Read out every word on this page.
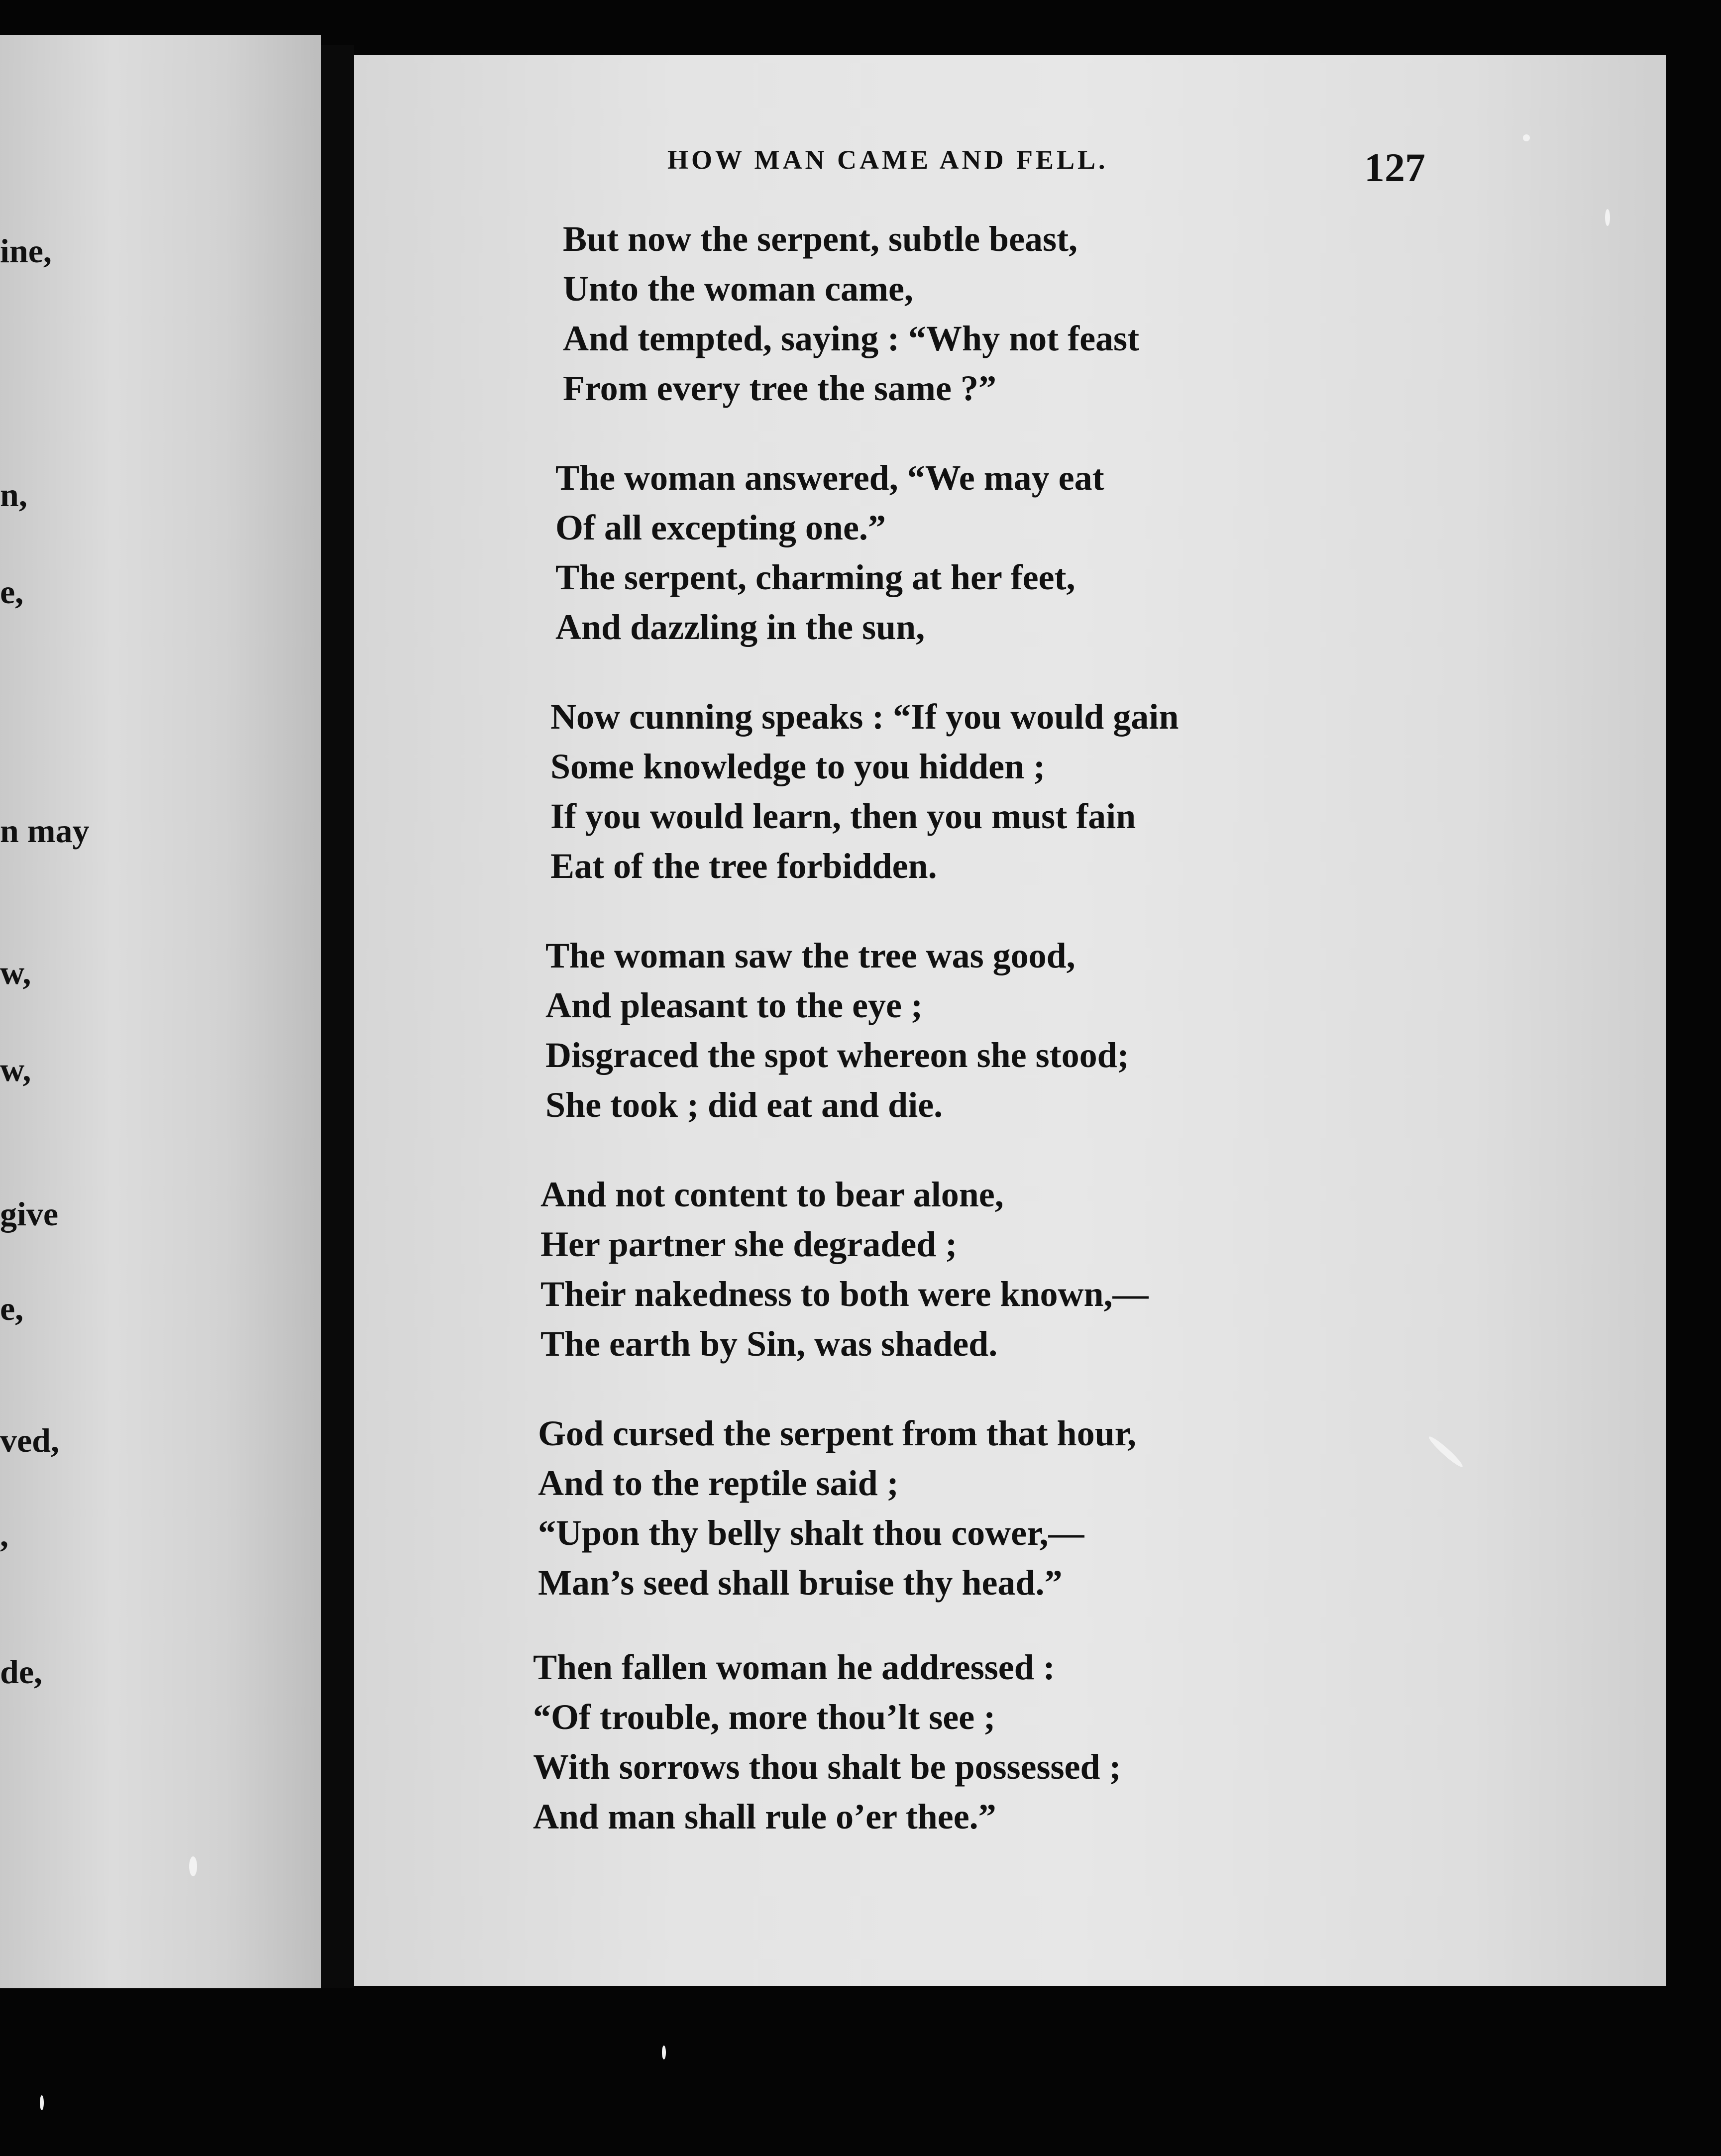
ine,
n,
e,
n may
w,
w,
give
e,
ved,
,
de,
HOW MAN CAME AND FELL.	127
But now the serpent, subtle beast,
Unto the woman came,
And tempted, saying : “Why not feast
From every tree the same ?”
The woman answered, “We may eat
Of all excepting one.”
The serpent, charming at her feet,
And dazzling in the sun,
Now cunning speaks : “If you would gain
Some knowledge to you hidden ;
If you would learn, then you must fain
Eat of the tree forbidden.
The woman saw the tree was good,
And pleasant to the eye ;
Disgraced the spot whereon she stood;
She took ; did eat and die.
And not content to bear alone,
Her partner she degraded ;
Their nakedness to both were known,—
The earth by Sin, was shaded.
God cursed the serpent from that hour,
And to the reptile said ;
“Upon thy belly shalt thou cower,—
Man’s seed shall bruise thy head.”
Then fallen woman he addressed :
“Of trouble, more thou’lt see ;
With sorrows thou shalt be possessed ;
And man shall rule o’er thee.”
